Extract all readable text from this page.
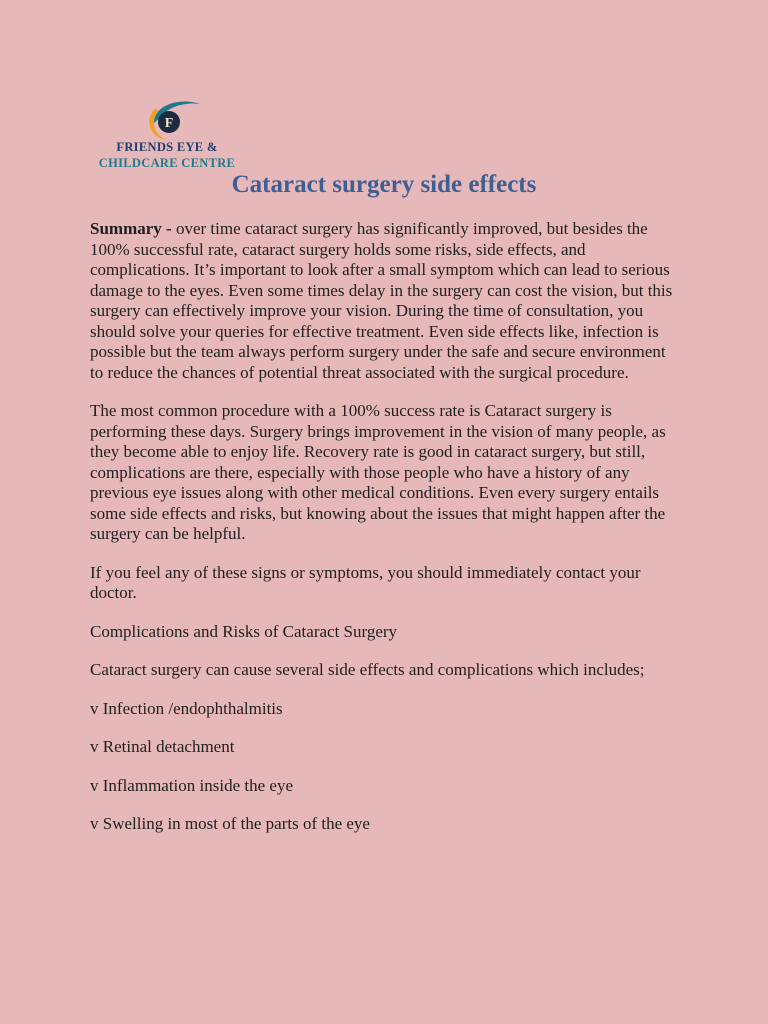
F
FRIENDS EYE &
CHILDCARE CENTRE
Cataract surgery side effects

Summary - over time cataract surgery has significantly improved, but besides the 100% successful rate, cataract surgery holds some risks, side effects, and complications. It’s important to look after a small symptom which can lead to serious damage to the eyes. Even some times delay in the surgery can cost the vision, but this surgery can effectively improve your vision. During the time of consultation, you should solve your queries for effective treatment. Even side effects like, infection is possible but the team always perform surgery under the safe and secure environment to reduce the chances of potential threat associated with the surgical procedure.

The most common procedure with a 100% success rate is Cataract surgery is performing these days. Surgery brings improvement in the vision of many people, as they become able to enjoy life. Recovery rate is good in cataract surgery, but still, complications are there, especially with those people who have a history of any previous eye issues along with other medical conditions. Even every surgery entails some side effects and risks, but knowing about the issues that might happen after the surgery can be helpful.

If you feel any of these signs or symptoms, you should immediately contact your doctor.

Complications and Risks of Cataract Surgery

Cataract surgery can cause several side effects and complications which includes;

v Infection /endophthalmitis

v Retinal detachment

v Inflammation inside the eye

v Swelling in most of the parts of the eye
